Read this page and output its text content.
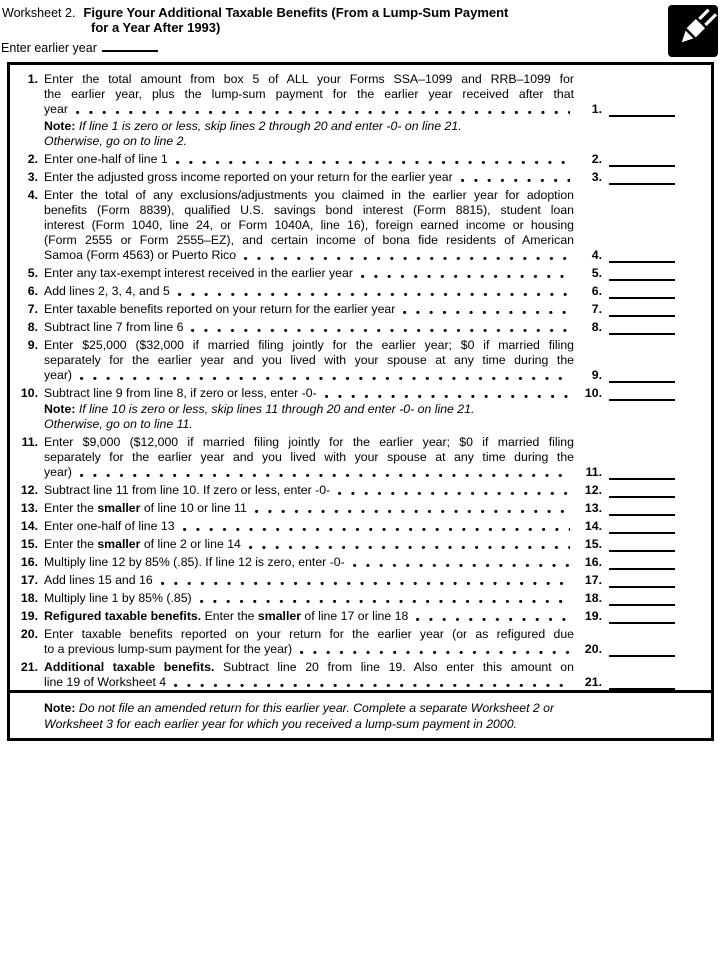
Worksheet 2. Figure Your Additional Taxable Benefits (From a Lump-Sum Payment
for a Year After 1993)
Enter earlier year
1. Enter the total amount from box 5 of ALL your Forms SSA–1099 and RRB–1099 for
the earlier year, plus the lump-sum payment for the earlier year received after that
year	1.
Note: If line 1 is zero or less, skip lines 2 through 20 and enter -0- on line 21.
Otherwise, go on to line 2.
2. Enter one-half of line 1	2.
3. Enter the adjusted gross income reported on your return for the earlier year	3.
4. Enter the total of any exclusions/adjustments you claimed in the earlier year for adoption
benefits (Form 8839), qualified U.S. savings bond interest (Form 8815), student loan
interest (Form 1040, line 24, or Form 1040A, line 16), foreign earned income or housing
(Form 2555 or Form 2555–EZ), and certain income of bona fide residents of American
Samoa (Form 4563) or Puerto Rico	4.
5. Enter any tax-exempt interest received in the earlier year	5.
6. Add lines 2, 3, 4, and 5	6.
7. Enter taxable benefits reported on your return for the earlier year	7.
8. Subtract line 7 from line 6	8.
9. Enter $25,000 ($32,000 if married filing jointly for the earlier year; $0 if married filing
separately for the earlier year and you lived with your spouse at any time during the
year)	9.
10. Subtract line 9 from line 8, if zero or less, enter -0-	10.
Note: If line 10 is zero or less, skip lines 11 through 20 and enter -0- on line 21.
Otherwise, go on to line 11.
11. Enter $9,000 ($12,000 if married filing jointly for the earlier year; $0 if married filing
separately for the earlier year and you lived with your spouse at any time during the
year)	11.
12. Subtract line 11 from line 10. If zero or less, enter -0-	12.
13. Enter the smaller of line 10 or line 11	13.
14. Enter one-half of line 13	14.
15. Enter the smaller of line 2 or line 14	15.
16. Multiply line 12 by 85% (.85). If line 12 is zero, enter -0-	16.
17. Add lines 15 and 16	17.
18. Multiply line 1 by 85% (.85)	18.
19. Refigured taxable benefits. Enter the smaller of line 17 or line 18	19.
20. Enter taxable benefits reported on your return for the earlier year (or as refigured due
to a previous lump-sum payment for the year)	20.
21. Additional taxable benefits. Subtract line 20 from line 19. Also enter this amount on
line 19 of Worksheet 4	21.
Note: Do not file an amended return for this earlier year. Complete a separate Worksheet 2 or
Worksheet 3 for each earlier year for which you received a lump-sum payment in 2000.
